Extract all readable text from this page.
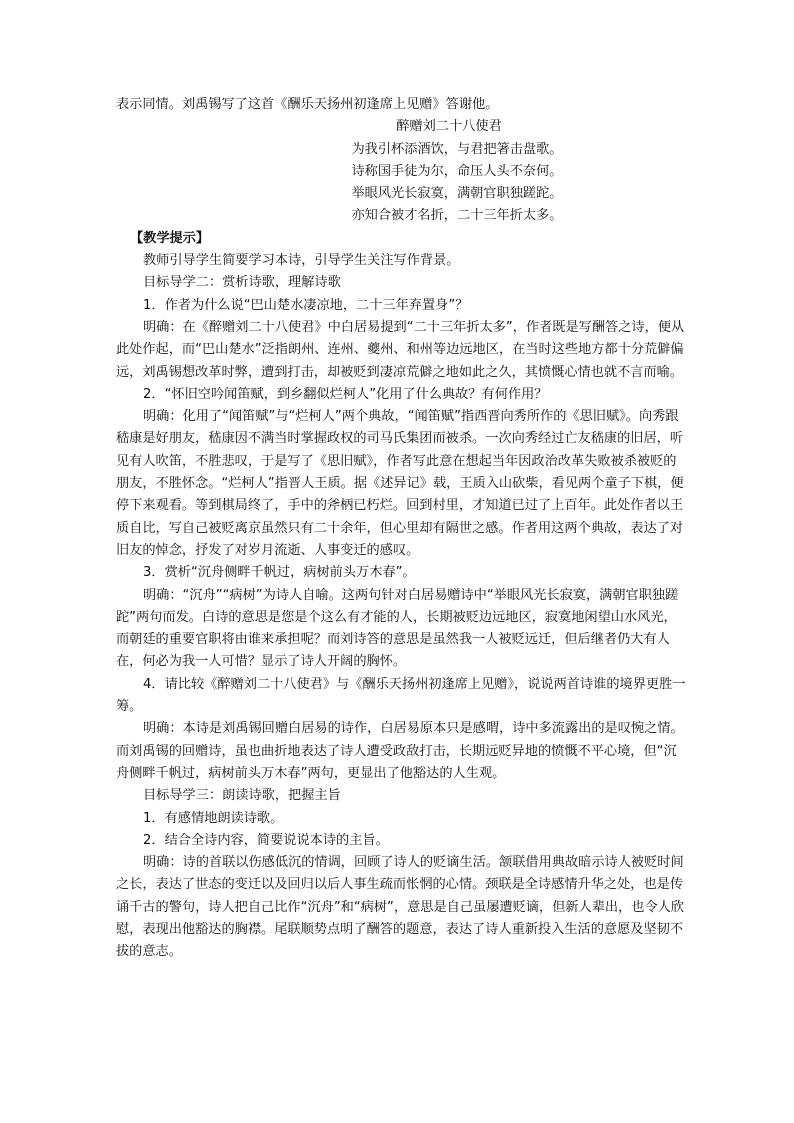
表示同情。刘禹锡写了这首《酬乐天扬州初逢席上见赠》答谢他。

醉赠刘二十八使君

为我引杯添酒饮，与君把箸击盘歌。

诗称国手徒为尔，命压人头不奈何。

举眼风光长寂寞，满朝官职独蹉跎。

亦知合被才名折，二十三年折太多。

【教学提示】

教师引导学生简要学习本诗，引导学生关注写作背景。

目标导学二：赏析诗歌，理解诗歌

1．作者为什么说“巴山楚水凄凉地，二十三年弃置身”？

明确：在《醉赠刘二十八使君》中白居易提到“二十三年折太多”，作者既是写酬答之诗，便从此处作起，而“巴山楚水”泛指朗州、连州、夔州、和州等边远地区，在当时这些地方都十分荒僻偏远，刘禹锡想改革时弊，遭到打击，却被贬到凄凉荒僻之地如此之久，其愤慨心情也就不言而喻。

2．“怀旧空吟闻笛赋，到乡翻似烂柯人”化用了什么典故？有何作用？

明确：化用了“闻笛赋”与“烂柯人”两个典故，“闻笛赋”指西晋向秀所作的《思旧赋》。向秀跟嵇康是好朋友，嵇康因不满当时掌握政权的司马氏集团而被杀。一次向秀经过亡友嵇康的旧居，听见有人吹笛，不胜悲叹，于是写了《思旧赋》，作者写此意在想起当年因政治改革失败被杀被贬的朋友，不胜怀念。“烂柯人”指晋人王质。据《述异记》载，王质入山砍柴，看见两个童子下棋，便停下来观看。等到棋局终了，手中的斧柄已朽烂。回到村里，才知道已过了上百年。此处作者以王质自比，写自己被贬离京虽然只有二十余年，但心里却有隔世之感。作者用这两个典故，表达了对旧友的悼念，抒发了对岁月流逝、人事变迁的感叹。

3．赏析“沉舟侧畔千帆过，病树前头万木春”。

明确：“沉舟”“病树”为诗人自喻。这两句针对白居易赠诗中“举眼风光长寂寞，满朝官职独蹉跎”两句而发。白诗的意思是您是个这么有才能的人，长期被贬边远地区，寂寞地闲望山水风光，而朝廷的重要官职将由谁来承担呢？而刘诗答的意思是虽然我一人被贬远迁，但后继者仍大有人在，何必为我一人可惜？显示了诗人开阔的胸怀。

4．请比较《醉赠刘二十八使君》与《酬乐天扬州初逢席上见赠》，说说两首诗谁的境界更胜一筹。

明确：本诗是刘禹锡回赠白居易的诗作，白居易原本只是感喟，诗中多流露出的是叹惋之情。而刘禹锡的回赠诗，虽也曲折地表达了诗人遭受政敌打击，长期远贬异地的愤慨不平心境，但“沉舟侧畔千帆过，病树前头万木春”两句，更显出了他豁达的人生观。

目标导学三：朗读诗歌，把握主旨

1．有感情地朗读诗歌。

2．结合全诗内容，简要说说本诗的主旨。

明确：诗的首联以伤感低沉的情调，回顾了诗人的贬谪生活。颔联借用典故暗示诗人被贬时间之长，表达了世态的变迁以及回归以后人事生疏而怅惘的心情。颈联是全诗感情升华之处，也是传诵千古的警句，诗人把自己比作“沉舟”和“病树”，意思是自己虽屡遭贬谪，但新人辈出，也令人欣慰，表现出他豁达的胸襟。尾联顺势点明了酬答的题意，表达了诗人重新投入生活的意愿及坚韧不拔的意志。
